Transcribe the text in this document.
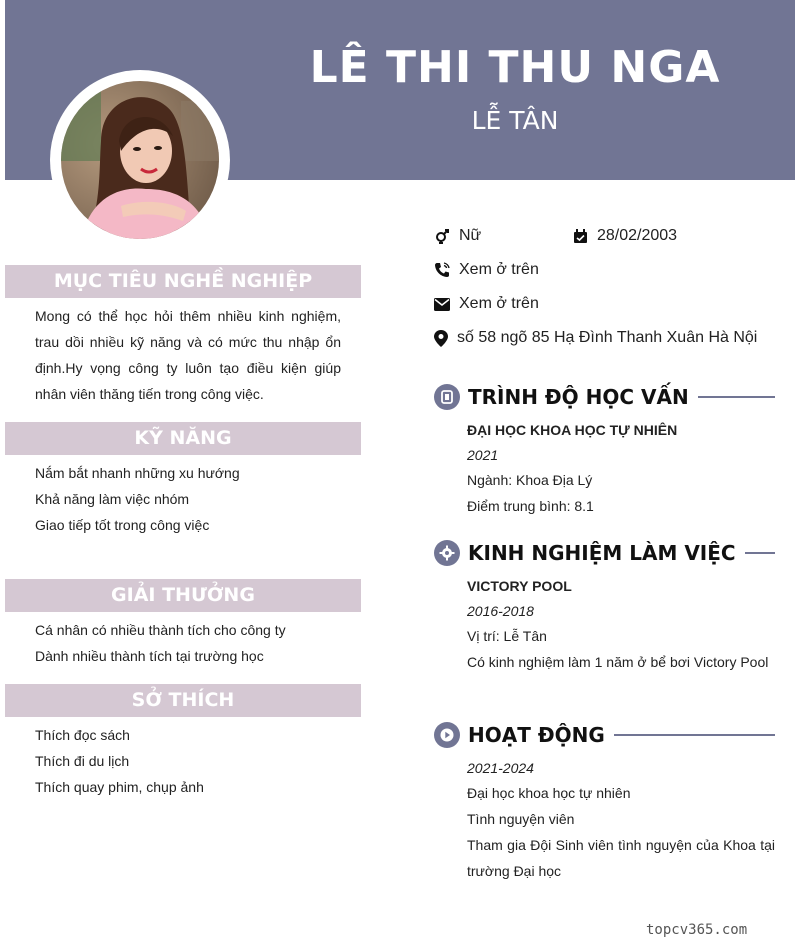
LÊ THI THU NGA
LỄ TÂN
MỤC TIÊU NGHỀ NGHIỆP

Mong có thể học hỏi thêm nhiều kinh nghiệm, trau dồi nhiều kỹ năng và có mức thu nhập ổn định.Hy vọng công ty luôn tạo điều kiện giúp nhân viên thăng tiến trong công việc.

KỸ NĂNG
Nắm bắt nhanh những xu hướng
Khả năng làm việc nhóm
Giao tiếp tốt trong công việc
GIẢI THƯỞNG
Cá nhân có nhiều thành tích cho công ty
Dành nhiều thành tích tại trường học
SỞ THÍCH
Thích đọc sách
Thích đi du lịch
Thích quay phim, chụp ảnh
Nữ	28/02/2003
Xem ở trên
Xem ở trên
số 58 ngõ 85 Hạ Đình Thanh Xuân Hà Nội
TRÌNH ĐỘ HỌC VẤN
ĐẠI HỌC KHOA HỌC TỰ NHIÊN
2021
Ngành: Khoa Địa Lý
Điểm trung bình: 8.1
KINH NGHIỆM LÀM VIỆC
VICTORY POOL
2016-2018
Vị trí: Lễ Tân
Có kinh nghiệm làm 1 năm ở bể bơi Victory Pool
HOẠT ĐỘNG
2021-2024
Đại học khoa học tự nhiên
Tình nguyện viên

Tham gia Đội Sinh viên tình nguyện của Khoa tại trường Đại học

topcv365.com
